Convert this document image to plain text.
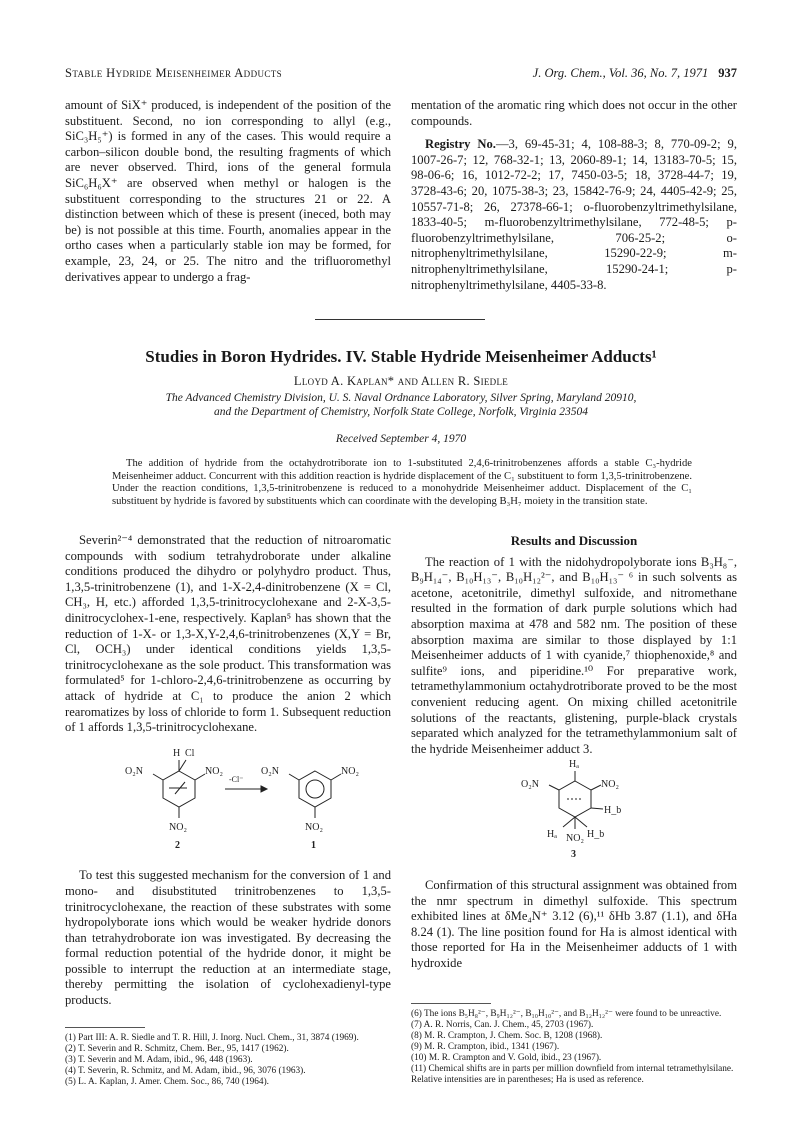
Stable Hydride Meisenheimer Adducts	J. Org. Chem., Vol. 36, No. 7, 1971 937

amount of SiX⁺ produced, is independent of the position of the substituent. Second, no ion corresponding to allyl (e.g., SiC₃H₅⁺) is formed in any of the cases. This would require a carbon–silicon double bond, the resulting fragments of which are never observed. Third, ions of the general formula SiC₆H₆X⁺ are observed when methyl or halogen is the substituent corresponding to the structures 21 or 22. A distinction between which of these is present (ineced, both may be) is not possible at this time. Fourth, anomalies appear in the ortho cases when a particularly stable ion may be formed, for example, 23, 24, or 25. The nitro and the trifluoromethyl derivatives appear to undergo a frag-

mentation of the aromatic ring which does not occur in the other compounds.

Registry No.—3, 69-45-31; 4, 108-88-3; 8, 770-09-2; 9, 1007-26-7; 12, 768-32-1; 13, 2060-89-1; 14, 13183-70-5; 15, 98-06-6; 16, 1012-72-2; 17, 7450-03-5; 18, 3728-44-7; 19, 3728-43-6; 20, 1075-38-3; 23, 15842-76-9; 24, 4405-42-9; 25, 10557-71-8; 26, 27378-66-1; o-fluorobenzyltrimethylsilane, 1833-40-5; m-fluorobenzyltrimethylsilane, 772-48-5; p-fluorobenzyltrimethylsilane, 706-25-2; o-nitrophenyltrimethylsilane, 15290-22-9; m-nitrophenyltrimethylsilane, 15290-24-1; p-nitrophenyltrimethylsilane, 4405-33-8.

Studies in Boron Hydrides. IV. Stable Hydride Meisenheimer Adducts¹
Lloyd A. Kaplan* and Allen R. Siedle
The Advanced Chemistry Division, U. S. Naval Ordnance Laboratory, Silver Spring, Maryland 20910,
and the Department of Chemistry, Norfolk State College, Norfolk, Virginia 23504
Received September 4, 1970
The addition of hydride from the octahydrotriborate ion to 1-substituted 2,4,6-trinitrobenzenes affords a stable C₃-hydride Meisenheimer adduct. Concurrent with this addition reaction is hydride displacement of the C₁ substituent to form 1,3,5-trinitrobenzene. Under the reaction conditions, 1,3,5-trinitrobenzene is reduced to a monohydride Meisenheimer adduct. Displacement of the C₁ substituent by hydride is favored by substituents which can coordinate with the developing B₃H₇ moiety in the transition state.

Severin²⁻⁴ demonstrated that the reduction of nitroaromatic compounds with sodium tetrahydroborate under alkaline conditions produced the dihydro or polyhydro product. Thus, 1,3,5-trinitrobenzene (1), and 1-X-2,4-dinitrobenzene (X = Cl, CH₃, H, etc.) afforded 1,3,5-trinitrocyclohexane and 2-X-3,5-dinitrocyclohex-1-ene, respectively. Kaplan⁵ has shown that the reduction of 1-X- or 1,3-X,Y-2,4,6-trinitrobenzenes (X,Y = Br, Cl, OCH₃) under identical conditions yields 1,3,5-trinitrocyclohexane as the sole product. This transformation was formulated⁵ for 1-chloro-2,4,6-trinitrobenzene as occurring by attack of hydride at C₁ to produce the anion 2 which rearomatizes by loss of chloride to form 1. Subsequent reduction of 1 affords 1,3,5-trinitrocyclohexane.

H Cl
O₂N	NO₂
NO₂
-Cl⁻
O₂N	NO₂
NO₂
2	1

To test this suggested mechanism for the conversion of 1 and mono- and disubstituted trinitrobenzenes to 1,3,5-trinitrocyclohexane, the reaction of these substrates with some hydropolyborate ions which would be weaker hydride donors than tetrahydroborate ion was investigated. By decreasing the formal reduction potential of the hydride donor, it might be possible to interrupt the reduction at an intermediate stage, thereby permitting the isolation of cyclohexadienyl-type products.

Results and Discussion

The reaction of 1 with the nidohydropolyborate ions B₃H₈⁻, B₉H₁₄⁻, B₁₀H₁₃⁻, B₁₀H₁₂²⁻, and B₁₀H₁₃⁻ ⁶ in such solvents as acetone, acetonitrile, dimethyl sulfoxide, and nitromethane resulted in the formation of dark purple solutions which had absorption maxima at 478 and 582 nm. The position of these absorption maxima are similar to those displayed by 1:1 Meisenheimer adducts of 1 with cyanide,⁷ thiophenoxide,⁸ and sulfite⁹ ions, and piperidine.¹⁰ For preparative work, tetramethylammonium octahydrotriborate proved to be the most convenient reducing agent. On mixing chilled acetonitrile solutions of the reactants, glistening, purple-black crystals separated which analyzed for the tetramethylammonium salt of the hydride Meisenheimer adduct 3.

Hₐ
O₂N	NO₂
H_b
Hₐ	H_b
NO₂
3

Confirmation of this structural assignment was obtained from the nmr spectrum in dimethyl sulfoxide. This spectrum exhibited lines at δMe₄N⁺ 3.12 (6),¹¹ δHb 3.87 (1.1), and δHa 8.24 (1). The line position found for Ha is almost identical with those reported for Ha in the Meisenheimer adducts of 1 with hydroxide

(1) Part III: A. R. Siedle and T. R. Hill, J. Inorg. Nucl. Chem., 31, 3874 (1969).

(2) T. Severin and R. Schmitz, Chem. Ber., 95, 1417 (1962).

(3) T. Severin and M. Adam, ibid., 96, 448 (1963).

(4) T. Severin, R. Schmitz, and M. Adam, ibid., 96, 3076 (1963).

(5) L. A. Kaplan, J. Amer. Chem. Soc., 86, 740 (1964).

(6) The ions B₅H₈²⁻, B₉H₁₂²⁻, B₁₀H₁₀²⁻, and B₁₂H₁₂²⁻ were found to be unreactive.

(7) A. R. Norris, Can. J. Chem., 45, 2703 (1967).

(8) M. R. Crampton, J. Chem. Soc. B, 1208 (1968).

(9) M. R. Crampton, ibid., 1341 (1967).

(10) M. R. Crampton and V. Gold, ibid., 23 (1967).

(11) Chemical shifts are in parts per million downfield from internal tetramethylsilane. Relative intensities are in parentheses; Ha is used as reference.
